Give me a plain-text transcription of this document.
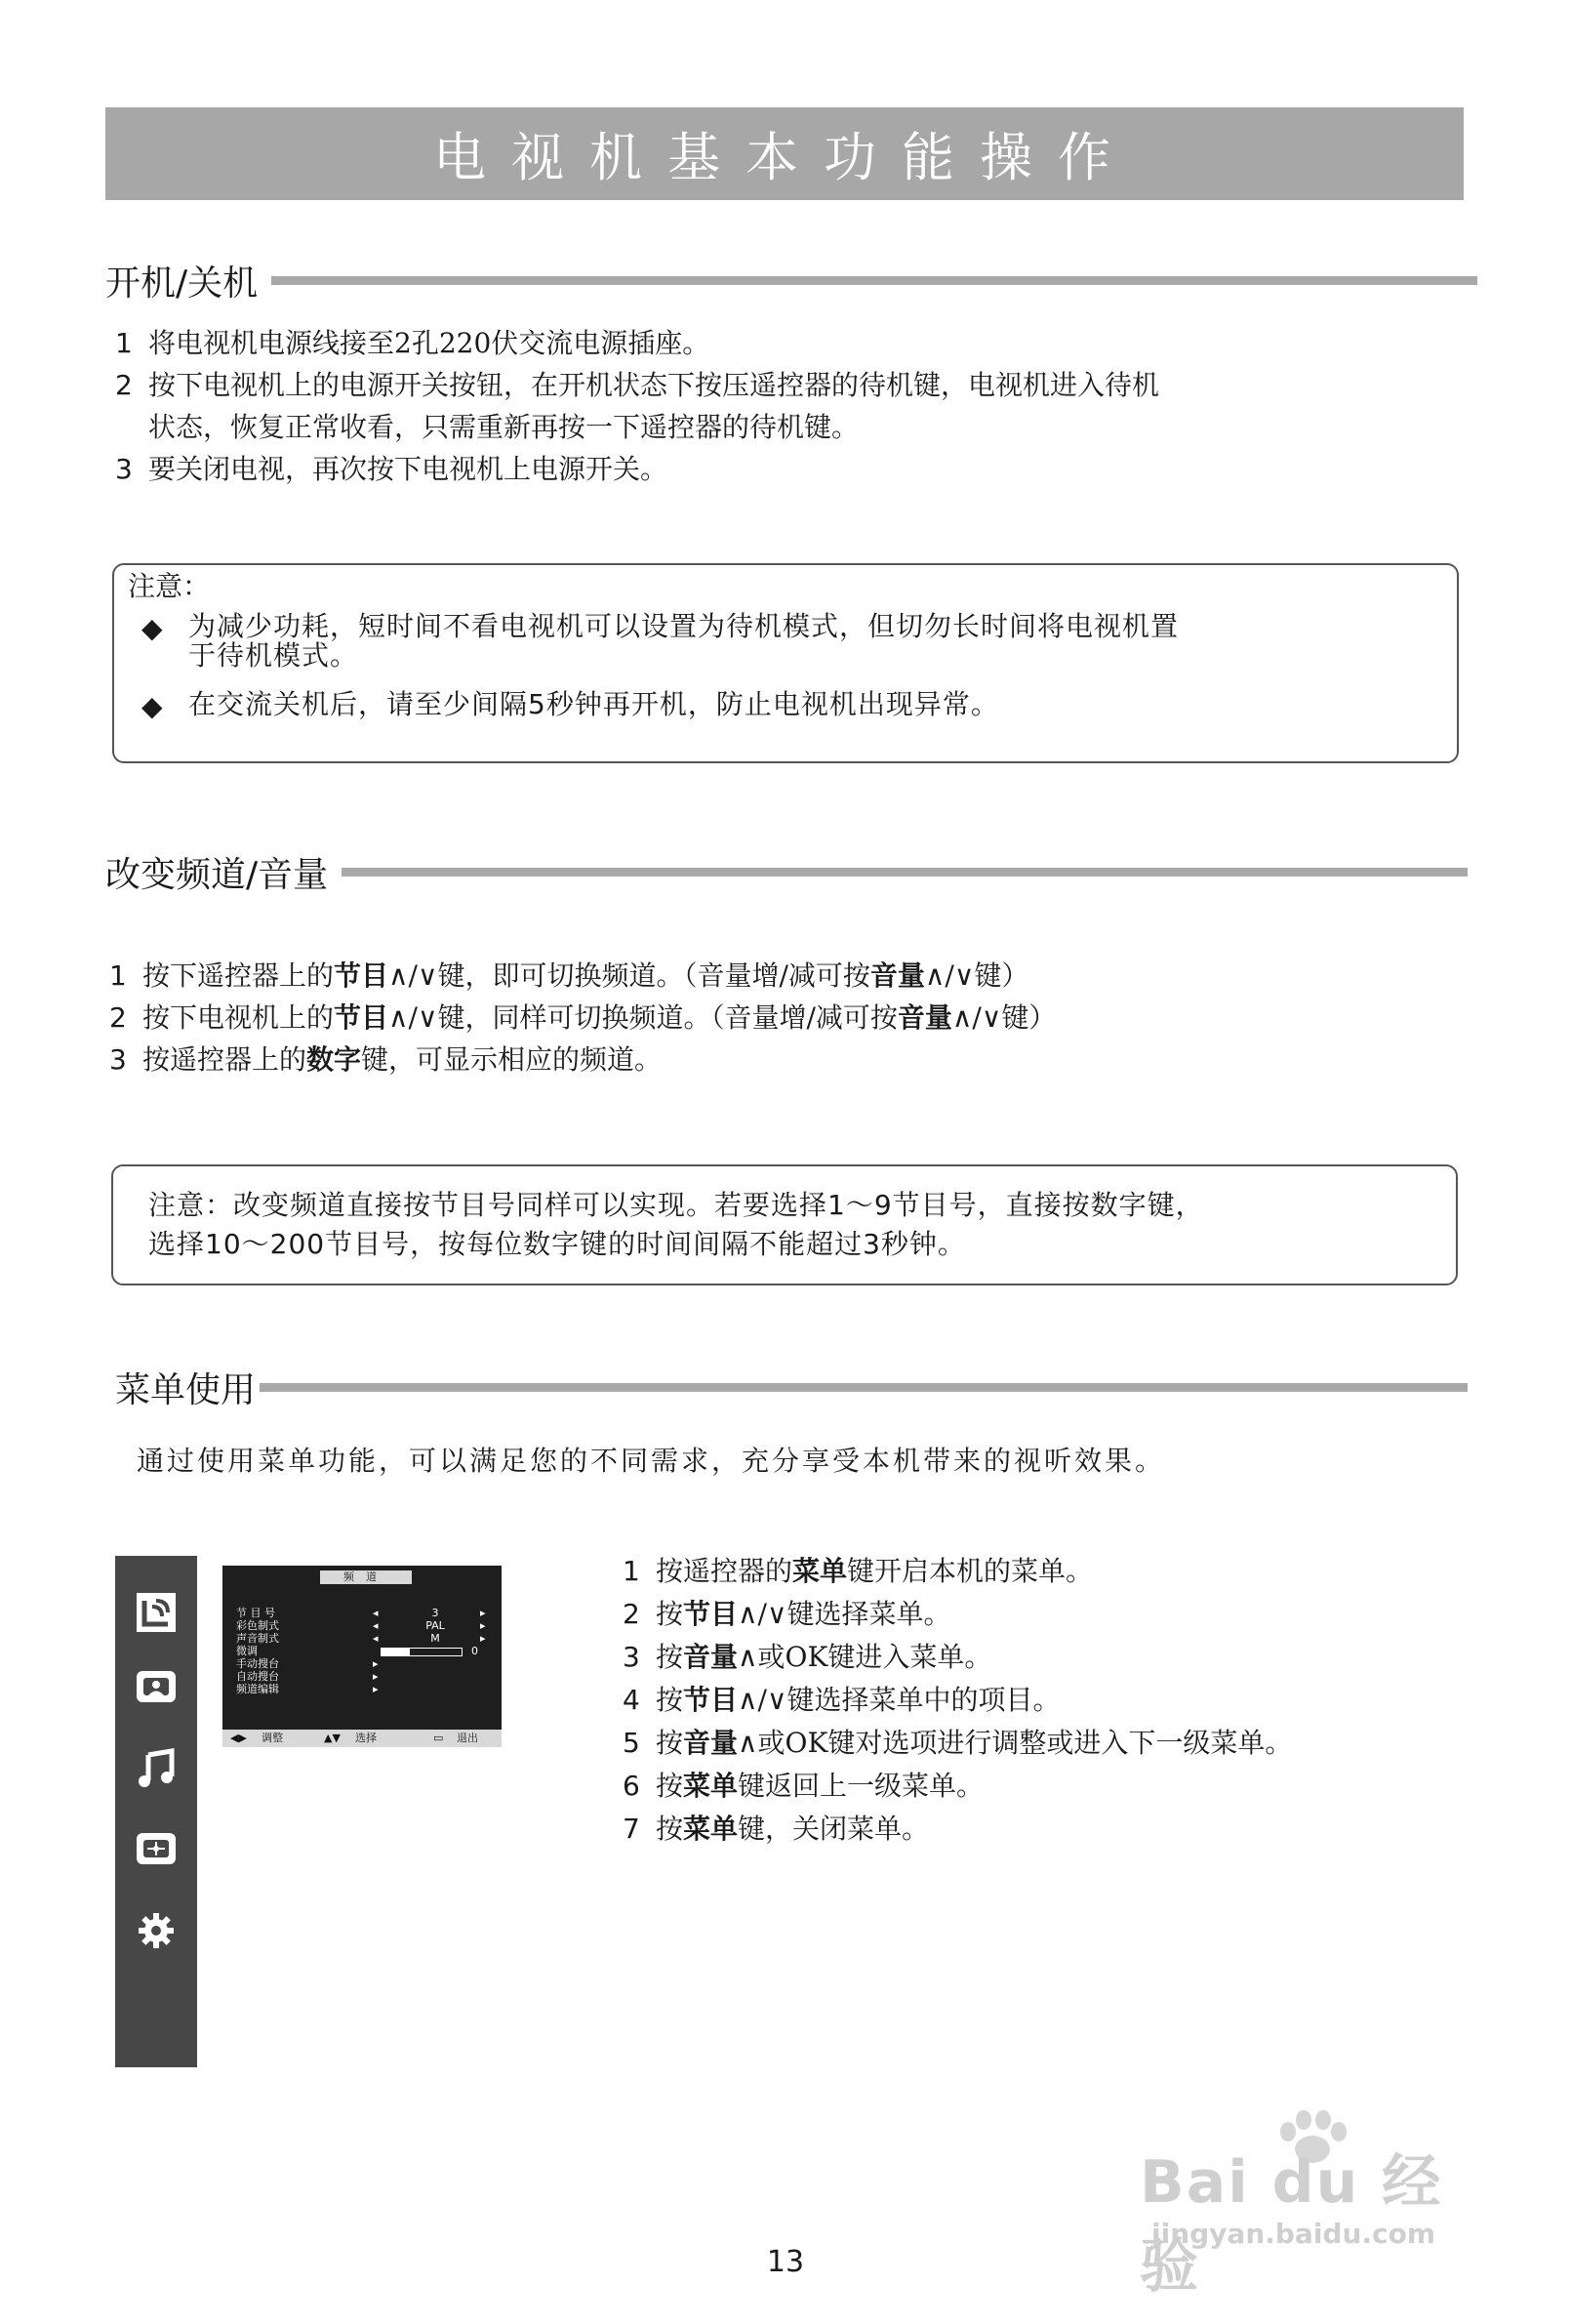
电视机基本功能操作
开机/关机
1 将电视机电源线接至2孔220伏交流电源插座。
2 按下电视机上的电源开关按钮，在开机状态下按压遥控器的待机键，电视机进入待机
状态，恢复正常收看，只需重新再按一下遥控器的待机键。
3 要关闭电视，再次按下电视机上电源开关。
注意：
◆ 为减少功耗，短时间不看电视机可以设置为待机模式，但切勿长时间将电视机置
于待机模式。
◆ 在交流关机后，请至少间隔5秒钟再开机，防止电视机出现异常。
改变频道/音量
1 按下遥控器上的节目∧/∨键，即可切换频道。（音量增/减可按音量∧/∨键）
2 按下电视机上的节目∧/∨键，同样可切换频道。（音量增/减可按音量∧/∨键）
3 按遥控器上的数字键，可显示相应的频道。
注意：改变频道直接按节目号同样可以实现。若要选择1～9节目号，直接按数字键，
选择10～200节目号，按每位数字键的时间间隔不能超过3秒钟。
菜单使用
通过使用菜单功能，可以满足您的不同需求，充分享受本机带来的视听效果。
频道
节 目 号	◂	3	▸
彩色制式	◂	PAL	▸
声音制式	◂	M	▸
微调	0
手动搜台	▸
自动搜台	▸
频道编辑	▸
◀▶ 调整	▲▼ 选择	▭ 退出
1 按遥控器的 菜单 键开启本机的菜单。
2 按 节目 ∧/∨键选择菜单。
3 按 音量 ∧或OK键进入菜单。
4 按 节目 ∧/∨键选择菜单中的项目。
5 按 音量 ∧或OK键对选项进行调整或进入下一级菜单。
6 按 菜单 键返回上一级菜单。
7 按 菜单 键，关闭菜单。
Bai du 经验
jingyan.baidu.com
13
